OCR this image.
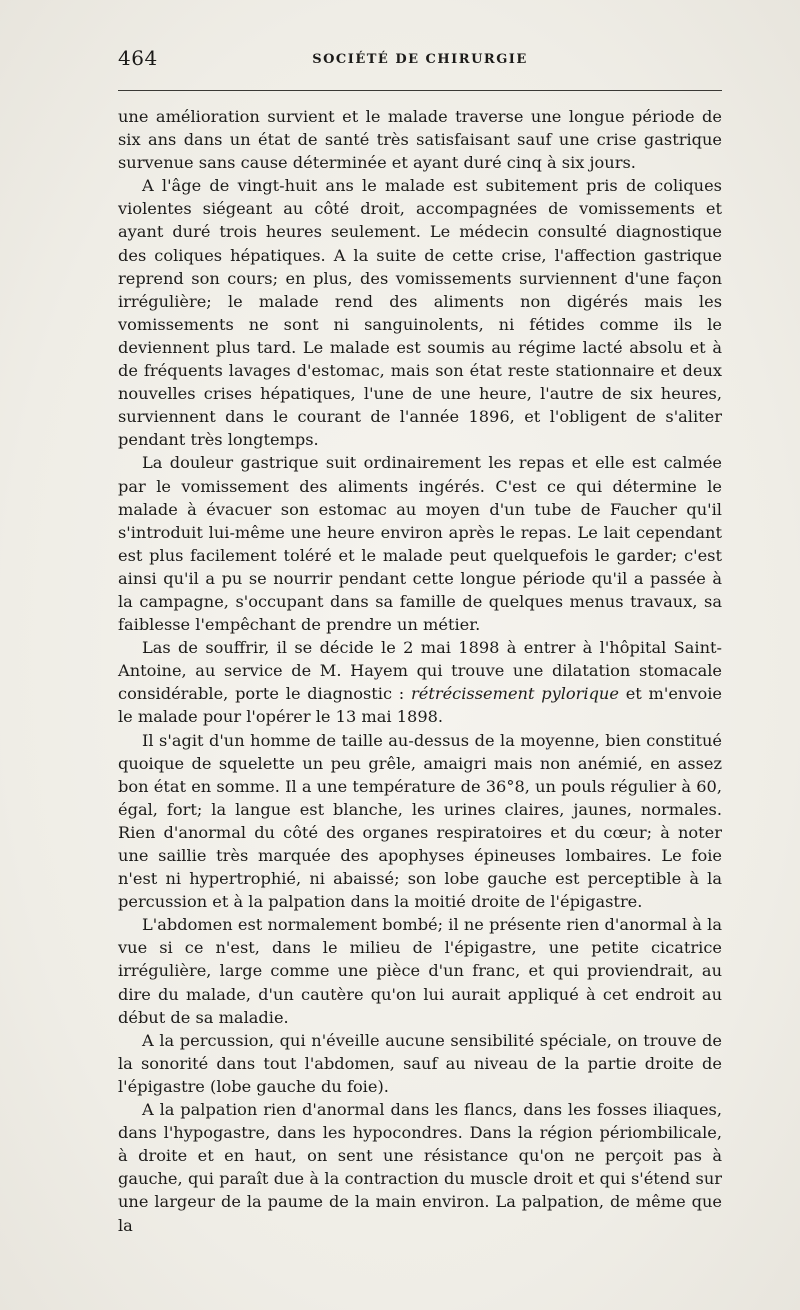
464	SOCIÉTÉ DE CHIRURGIE

une amélioration survient et le malade traverse une longue période de six ans dans un état de santé très satisfaisant sauf une crise gastrique survenue sans cause déterminée et ayant duré cinq à six jours.

A l'âge de vingt-huit ans le malade est subitement pris de coliques violentes siégeant au côté droit, accompagnées de vomissements et ayant duré trois heures seulement. Le médecin consulté diagnostique des coliques hépatiques. A la suite de cette crise, l'affection gastrique reprend son cours; en plus, des vomissements surviennent d'une façon irrégulière; le malade rend des aliments non digérés mais les vomissements ne sont ni sanguinolents, ni fétides comme ils le deviennent plus tard. Le malade est soumis au régime lacté absolu et à de fréquents lavages d'estomac, mais son état reste stationnaire et deux nouvelles crises hépatiques, l'une de une heure, l'autre de six heures, surviennent dans le courant de l'année 1896, et l'obligent de s'aliter pendant très longtemps.

La douleur gastrique suit ordinairement les repas et elle est calmée par le vomissement des aliments ingérés. C'est ce qui détermine le malade à évacuer son estomac au moyen d'un tube de Faucher qu'il s'introduit lui-même une heure environ après le repas. Le lait cependant est plus facilement toléré et le malade peut quelquefois le garder; c'est ainsi qu'il a pu se nourrir pendant cette longue période qu'il a passée à la campagne, s'occupant dans sa famille de quelques menus travaux, sa faiblesse l'empêchant de prendre un métier.

Las de souffrir, il se décide le 2 mai 1898 à entrer à l'hôpital Saint-Antoine, au service de M. Hayem qui trouve une dilatation stomacale considérable, porte le diagnostic : rétrécissement pylorique et m'envoie le malade pour l'opérer le 13 mai 1898.

Il s'agit d'un homme de taille au-dessus de la moyenne, bien constitué quoique de squelette un peu grêle, amaigri mais non anémié, en assez bon état en somme. Il a une température de 36°8, un pouls régulier à 60, égal, fort; la langue est blanche, les urines claires, jaunes, normales. Rien d'anormal du côté des organes respiratoires et du cœur; à noter une saillie très marquée des apophyses épineuses lombaires. Le foie n'est ni hypertrophié, ni abaissé; son lobe gauche est perceptible à la percussion et à la palpation dans la moitié droite de l'épigastre.

L'abdomen est normalement bombé; il ne présente rien d'anormal à la vue si ce n'est, dans le milieu de l'épigastre, une petite cicatrice irrégulière, large comme une pièce d'un franc, et qui proviendrait, au dire du malade, d'un cautère qu'on lui aurait appliqué à cet endroit au début de sa maladie.

A la percussion, qui n'éveille aucune sensibilité spéciale, on trouve de la sonorité dans tout l'abdomen, sauf au niveau de la partie droite de l'épigastre (lobe gauche du foie).

A la palpation rien d'anormal dans les flancs, dans les fosses iliaques, dans l'hypogastre, dans les hypocondres. Dans la région périombilicale, à droite et en haut, on sent une résistance qu'on ne perçoit pas à gauche, qui paraît due à la contraction du muscle droit et qui s'étend sur une largeur de la paume de la main environ. La palpation, de même que la
